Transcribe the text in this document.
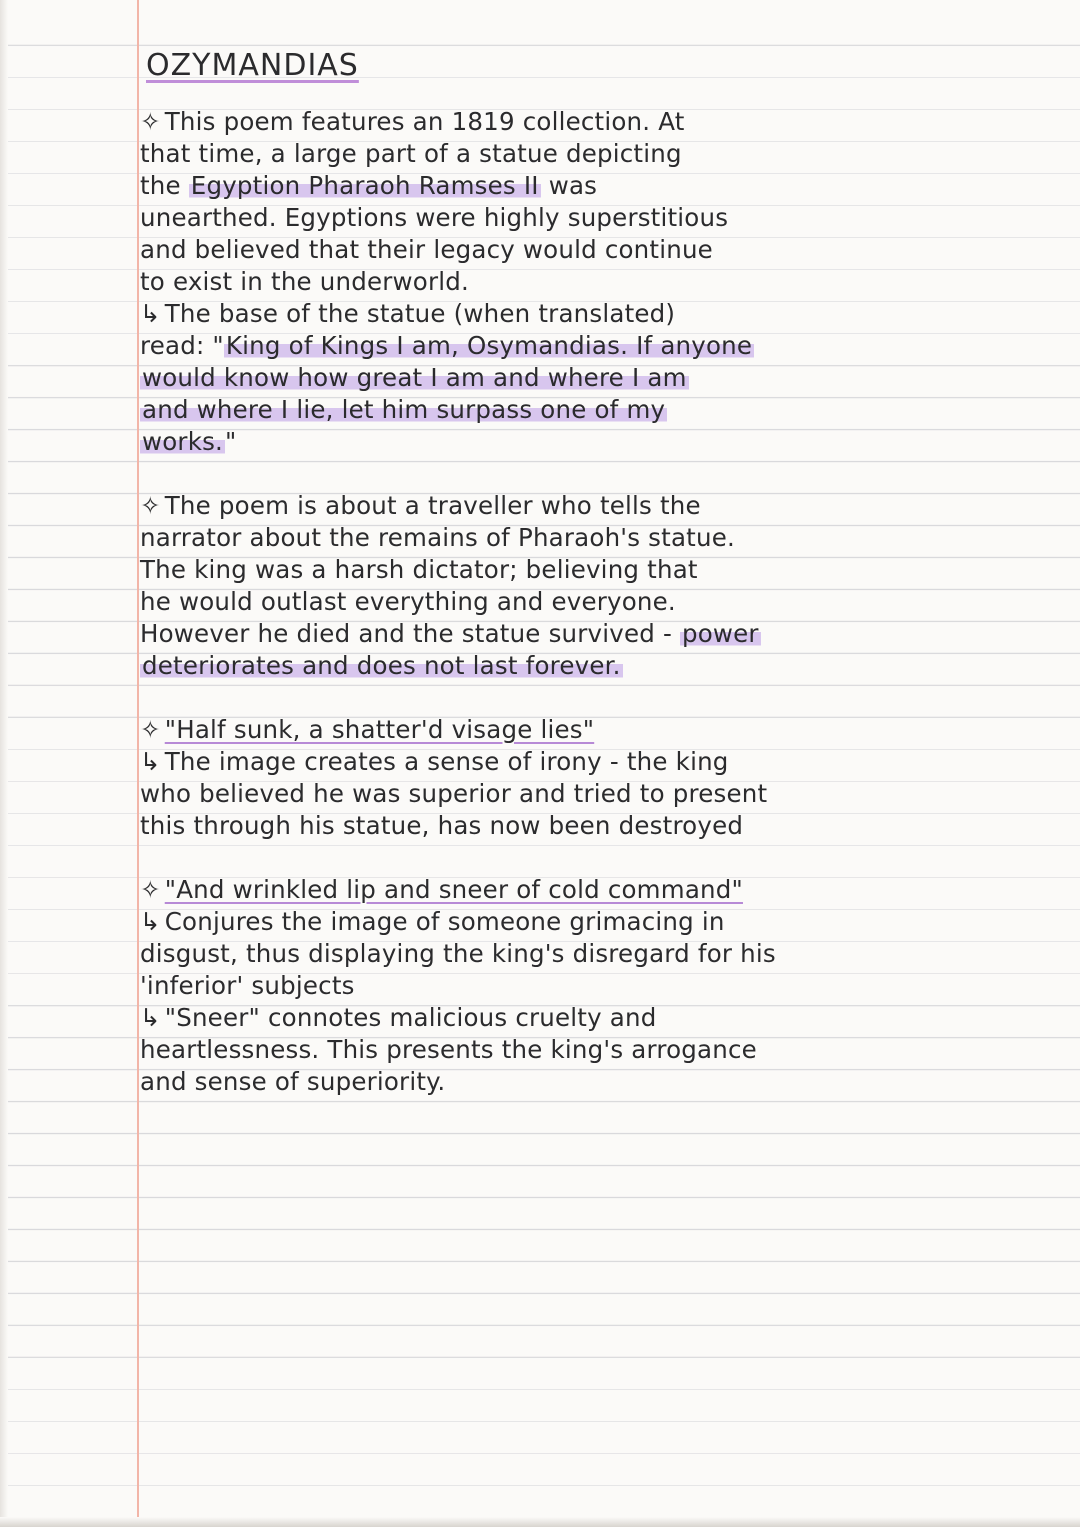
OZYMANDIAS
✧ This poem features an 1819 collection. At
that time, a large part of a statue depicting
the Egyption Pharaoh Ramses II was
unearthed. Egyptions were highly superstitious
and believed that their legacy would continue
to exist in the underworld.
↳ The base of the statue (when translated)
read: "King of Kings I am, Osymandias. If anyone
would know how great I am and where I am
and where I lie, let him surpass one of my
works."
✧ The poem is about a traveller who tells the
narrator about the remains of Pharaoh's statue.
The king was a harsh dictator; believing that
he would outlast everything and everyone.
However he died and the statue survived - power
deteriorates and does not last forever.
✧ "Half sunk, a shatter'd visage lies"
↳ The image creates a sense of irony - the king
who believed he was superior and tried to present
this through his statue, has now been destroyed
✧ "And wrinkled lip and sneer of cold command"
↳ Conjures the image of someone grimacing in
disgust, thus displaying the king's disregard for his
'inferior' subjects
↳ "Sneer" connotes malicious cruelty and
heartlessness. This presents the king's arrogance
and sense of superiority.
